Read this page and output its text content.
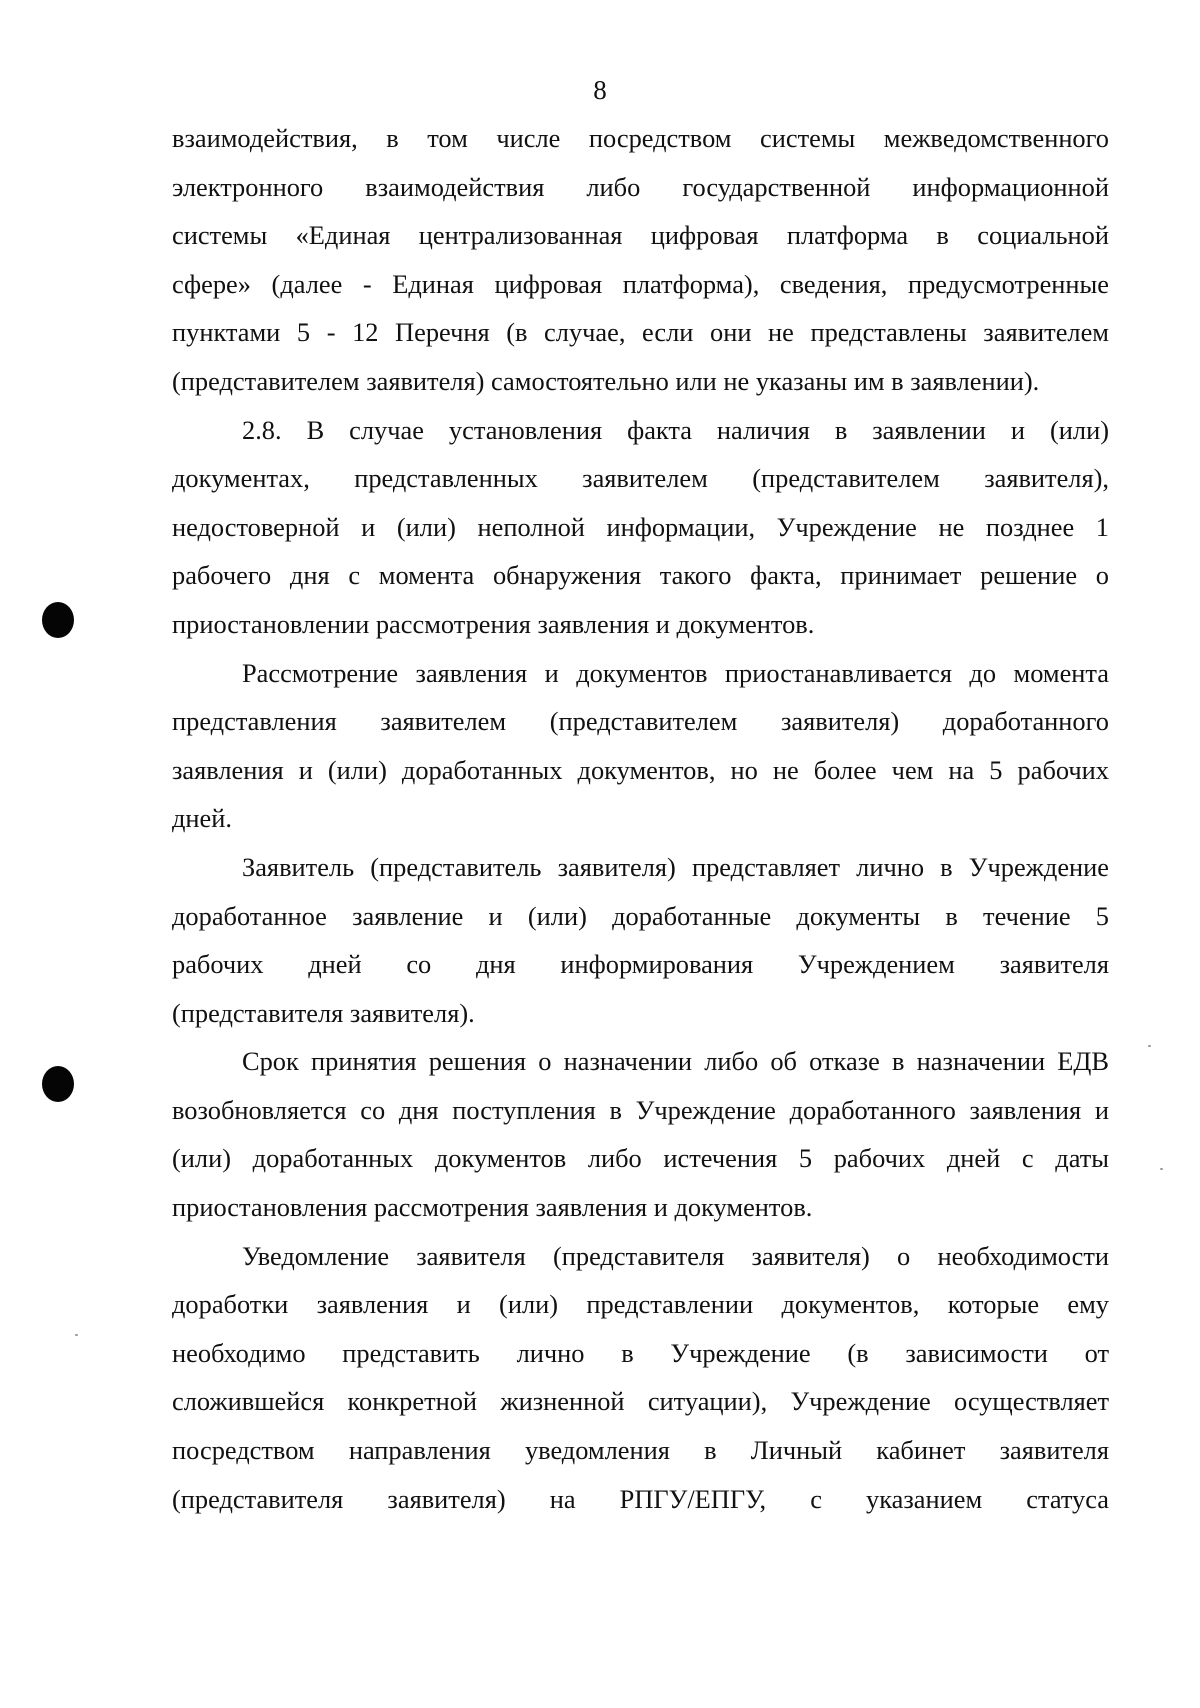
8
взаимодействия, в том числе посредством системы межведомственного
электронного взаимодействия либо государственной информационной
системы «Единая централизованная цифровая платформа в социальной
сфере» (далее - Единая цифровая платформа), сведения, предусмотренные
пунктами 5 - 12 Перечня (в случае, если они не представлены заявителем
(представителем заявителя) самостоятельно или не указаны им в заявлении).
2.8. В случае установления факта наличия в заявлении и (или)
документах, представленных заявителем (представителем заявителя),
недостоверной и (или) неполной информации, Учреждение не позднее 1
рабочего дня с момента обнаружения такого факта, принимает решение о
приостановлении рассмотрения заявления и документов.
Рассмотрение заявления и документов приостанавливается до момента
представления заявителем (представителем заявителя) доработанного
заявления и (или) доработанных документов, но не более чем на 5 рабочих
дней.
Заявитель (представитель заявителя) представляет лично в Учреждение
доработанное заявление и (или) доработанные документы в течение 5
рабочих дней со дня информирования Учреждением заявителя
(представителя заявителя).
Срок принятия решения о назначении либо об отказе в назначении ЕДВ
возобновляется со дня поступления в Учреждение доработанного заявления и
(или) доработанных документов либо истечения 5 рабочих дней с даты
приостановления рассмотрения заявления и документов.
Уведомление заявителя (представителя заявителя) о необходимости
доработки заявления и (или) представлении документов, которые ему
необходимо представить лично в Учреждение (в зависимости от
сложившейся конкретной жизненной ситуации), Учреждение осуществляет
посредством направления уведомления в Личный кабинет заявителя
(представителя заявителя) на РПГУ/ЕПГУ, с указанием статуса
